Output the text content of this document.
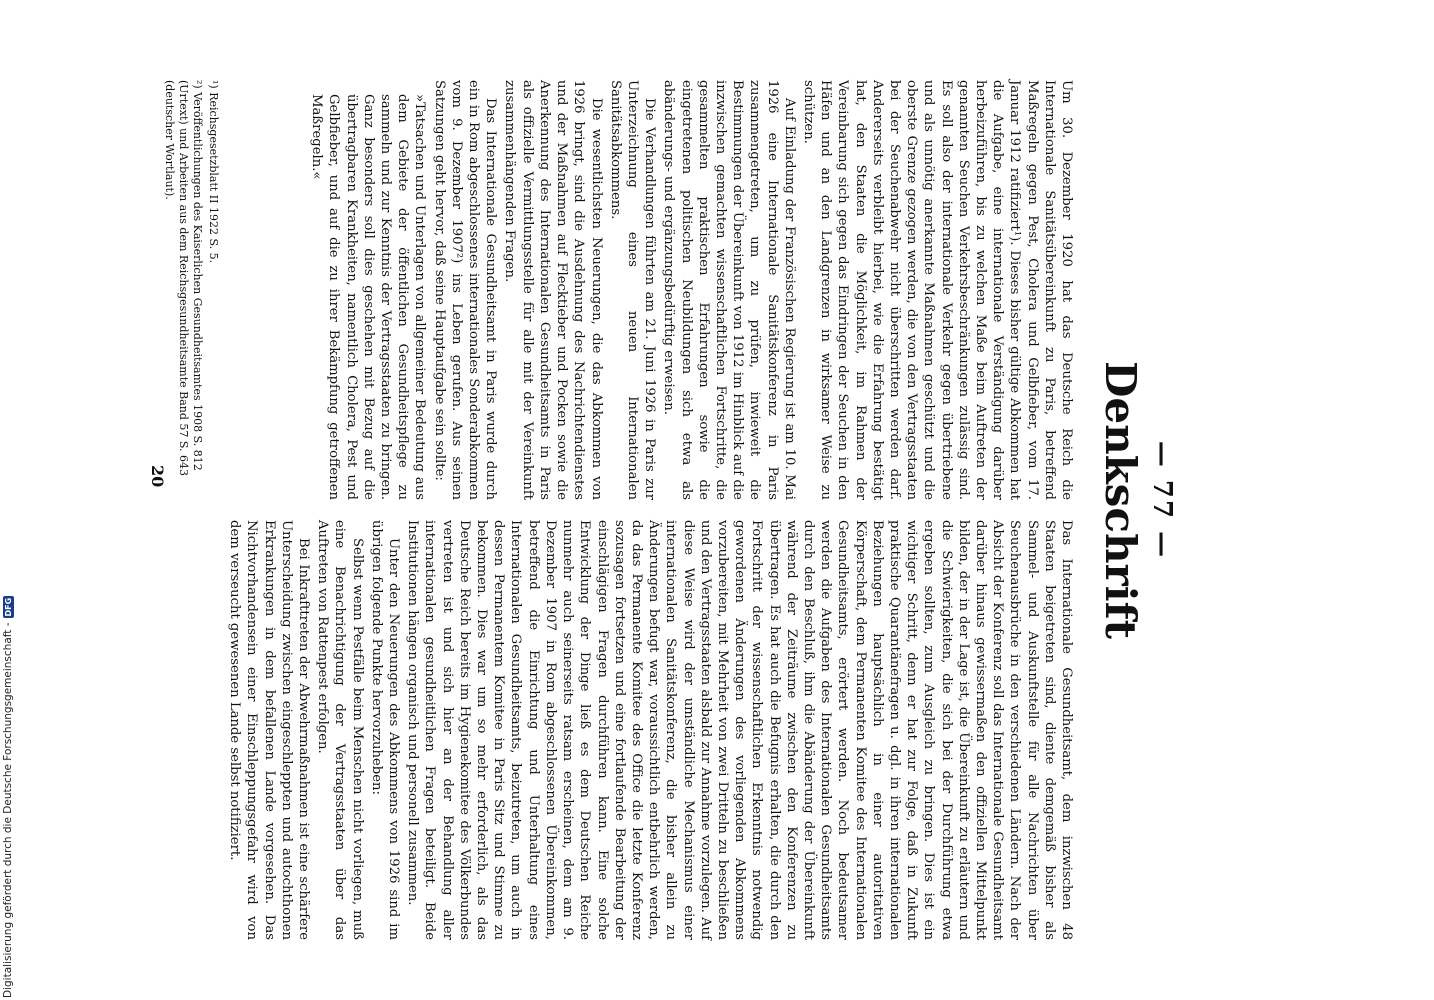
— 77 —
Denkschrift

Um 30. Dezember 1920 hat das Deutsche Reich die Internationale Sanitätsübereinkunft zu Paris, betreffend Maßregeln gegen Pest, Cholera und Gelbfieber, vom 17. Januar 1912 ratifiziert¹). Dieses bisher gültige Abkommen hat die Aufgabe, eine internationale Verständigung darüber herbeizuführen, bis zu welchen Maße beim Auftreten der genannten Seuchen Verkehrsbeschränkungen zulässig sind. Es soll also der internationale Verkehr gegen übertriebene und als unnötig anerkannte Maßnahmen geschützt und die oberste Grenze gezogen werden, die von den Vertragsstaaten bei der Seuchenabwehr nicht überschritten werden darf. Andererseits verbleibt hierbei, wie die Erfahrung bestätigt hat, den Staaten die Möglichkeit, im Rahmen der Vereinbarung sich gegen das Eindringen der Seuchen in den Häfen und an den Landgrenzen in wirksamer Weise zu schützen.

Auf Einladung der Französischen Regierung ist am 10. Mai 1926 eine Internationale Sanitätskonferenz in Paris zusammengetreten, um zu prüfen, inwieweit die Bestimmungen der Übereinkunft von 1912 im Hinblick auf die inzwischen gemachten wissenschaftlichen Fortschritte, die gesammelten praktischen Erfahrungen sowie die eingetretenen politischen Neubildungen sich etwa als abänderungs- und ergänzungsbedürftig erweisen.

Die Verhandlungen führten am 21. Juni 1926 in Paris zur Unterzeichnung eines neuen Internationalen Sanitätsabkommens.

Die wesentlichsten Neuerungen, die das Abkommen von 1926 bringt, sind die Ausdehnung des Nachrichtendienstes und der Maßnahmen auf Flecktieber und Pocken sowie die Anerkennung des Internationalen Gesundheitsamts in Paris als offizielle Vermittlungsstelle für alle mit der Vereinkunft zusammenhängenden Fragen.

Das Internationale Gesundheitsamt in Paris wurde durch ein in Rom abgeschlossenes internationales Sonderabkommen vom 9. Dezember 1907²) ins Leben gerufen. Aus seinen Satzungen geht hervor, daß seine Hauptaufgabe sein sollte:

»Tatsachen und Unterlagen von allgemeiner Bedeutung aus dem Gebiete der öffentlichen Gesundheitspflege zu sammeln und zur Kenntnis der Vertragsstaaten zu bringen. Ganz besonders soll dies geschehen mit Bezug auf die übertragbaren Krankheiten, namentlich Cholera, Pest und Gelbfieber, und auf die zu ihrer Bekämpfung getroffenen Maßregeln.«

Das Internationale Gesundheitsamt, dem inzwischen 48 Staaten beigetreten sind, diente demgemäß bisher als Sammel- und Auskunftstelle für alle Nachrichten über Seuchenausbrüche in den verschiedenen Ländern. Nach der Absicht der Konferenz soll das Internationale Gesundheitsamt darüber hinaus gewissermaßen den offiziellen Mittelpunkt bilden, der in der Lage ist, die Übereinkunft zu erläutern und die Schwierigkeiten, die sich bei der Durchführung etwa ergeben sollten, zum Ausgleich zu bringen. Dies ist ein wichtiger Schritt, denn er hat zur Folge, daß in Zukunft praktische Quarantänefragen u. dgl. in ihren internationalen Beziehungen hauptsächlich in einer autoritativen Körperschaft, dem Permanenten Komitee des Internationalen Gesundheitsamts, erörtert werden. Noch bedeutsamer werden die Aufgaben des Internationalen Gesundheitsamts durch den Beschluß, ihm die Abänderung der Übereinkunft während der Zeiträume zwischen den Konferenzen zu übertragen. Es hat auch die Befugnis erhalten, die durch den Fortschritt der wissenschaftlichen Erkenntnis notwendig gewordenen Änderungen des vorliegenden Abkommens vorzubereiten, mit Mehrheit von zwei Dritteln zu beschließen und den Vertragsstaaten alsbald zur Annahme vorzulegen. Auf diese Weise wird der umständliche Mechanismus einer internationalen Sanitätskonferenz, die bisher allein zu Änderungen befugt war, voraussichtlich entbehrlich werden, da das Permanente Komitee des Office die letzte Konferenz sozusagen fortsetzen und eine fortlaufende Bearbeitung der einschlägigen Fragen durchführen kann. Eine solche Entwicklung der Dinge ließ es dem Deutschen Reiche nunmehr auch seinerseits ratsam erscheinen, dem am 9. Dezember 1907 in Rom abgeschlossenen Übereinkommen, betreffend die Einrichtung und Unterhaltung eines Internationalen Gesundheitsamts, beizutreten, um auch in dessen Permanentem Komitee in Paris Sitz und Stimme zu bekommen. Dies war um so mehr erforderlich, als das Deutsche Reich bereits im Hygienekomitee des Völkerbundes vertreten ist und sich hier an der Behandlung aller internationalen gesundheitlichen Fragen beteiligt. Beide Institutionen hängen organisch und personell zusammen.

Unter den Neuerungen des Abkommens von 1926 sind im übrigen folgende Punkte hervorzuheben:

Selbst wenn Pestfälle beim Menschen nicht vorliegen, muß eine Benachrichtigung der Vertragsstaaten über das Auftreten von Rattenpest erfolgen.

Bei Inkrafttreten der Abwehrmaßnahmen ist eine schärfere Unterscheidung zwischen eingeschleppten und autochthonen Erkrankungen in dem befallenen Lande vorgesehen. Das Nichtvorhandensein einer Einschleppungsgefahr wird von dem verseucht gewesenen Lande selbst notifiziert.

¹) Reichsgesetzblatt II 1922 S. 5.
²) Veröffentlichungen des Kaiserlichen Gesundheitsamtes 1908 S. 812 (Urtext) und Arbeiten aus dem Reichsgesundheitsamte Band 57 S. 643 (deutscher Wortlaut).
20
Digitalisierung gefördert durch die Deutsche Forschungsgemeinschaft -
DFG
